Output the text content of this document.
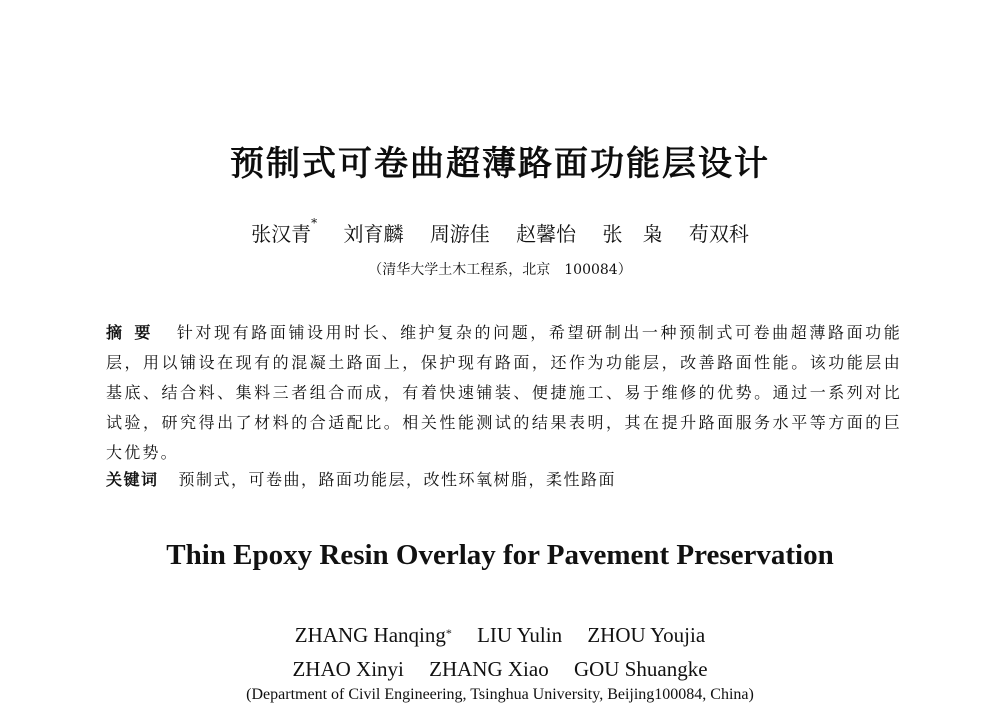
预制式可卷曲超薄路面功能层设计
张汉青* 刘育麟 周游佳 赵馨怡 张　枭 苟双科
（清华大学土木工程系，北京　100084）
摘要 针对现有路面铺设用时长、维护复杂的问题，希望研制出一种预制式可卷曲超薄路面功能层，用以铺设在现有的混凝土路面上，保护现有路面，还作为功能层，改善路面性能。该功能层由基底、结合料、集料三者组合而成，有着快速铺装、便捷施工、易于维修的优势。通过一系列对比试验，研究得出了材料的合适配比。相关性能测试的结果表明，其在提升路面服务水平等方面的巨大优势。
关键词 预制式，可卷曲，路面功能层，改性环氧树脂，柔性路面
Thin Epoxy Resin Overlay for Pavement Preservation
ZHANG Hanqing* LIU Yulin ZHOU Youjia
ZHAO Xinyi ZHANG Xiao GOU Shuangke
(Department of Civil Engineering, Tsinghua University, Beijing100084, China)
